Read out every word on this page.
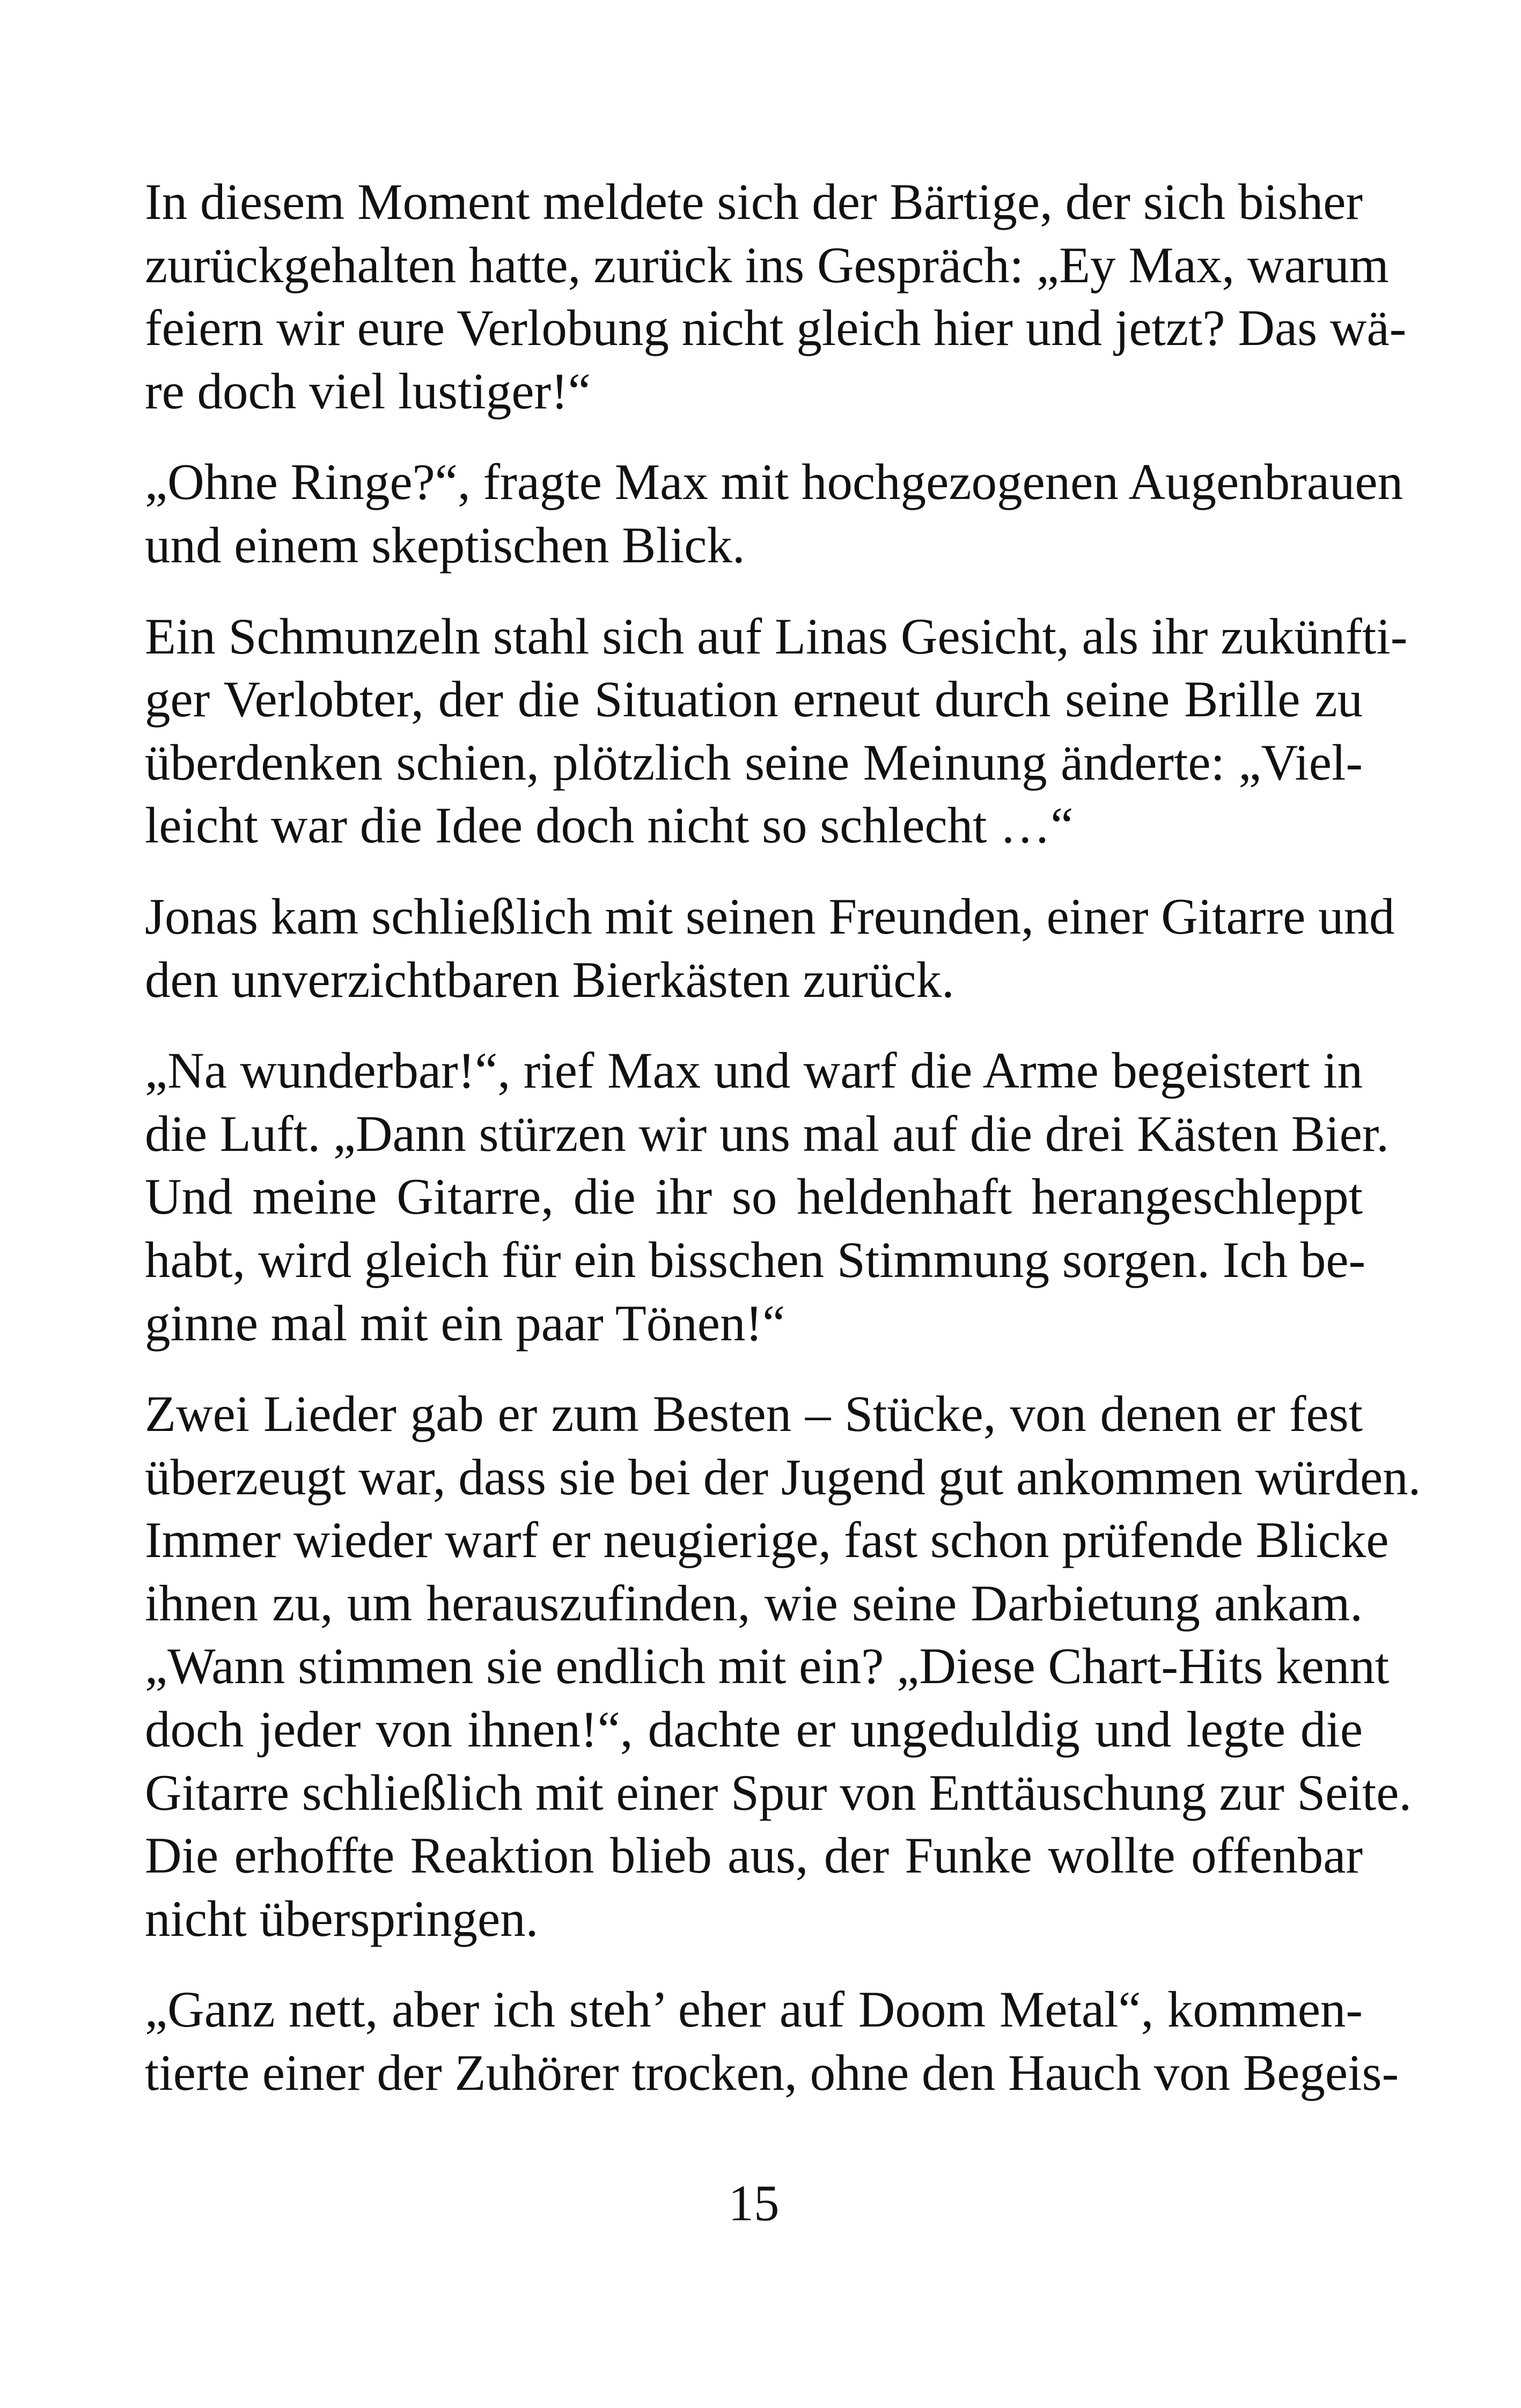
In diesem Moment meldete sich der Bärtige, der sich bisher
zurückgehalten hatte, zurück ins Gespräch: „Ey Max, warum
feiern wir eure Verlobung nicht gleich hier und jetzt? Das wä-
re doch viel lustiger!“

„Ohne Ringe?“, fragte Max mit hochgezogenen Augenbrauen
und einem skeptischen Blick.

Ein Schmunzeln stahl sich auf Linas Gesicht, als ihr zukünfti-
ger Verlobter, der die Situation erneut durch seine Brille zu
überdenken schien, plötzlich seine Meinung änderte: „Viel-
leicht war die Idee doch nicht so schlecht …“

Jonas kam schließlich mit seinen Freunden, einer Gitarre und
den unverzichtbaren Bierkästen zurück.

„Na wunderbar!“, rief Max und warf die Arme begeistert in
die Luft. „Dann stürzen wir uns mal auf die drei Kästen Bier.
Und meine Gitarre, die ihr so heldenhaft herangeschleppt
habt, wird gleich für ein bisschen Stimmung sorgen. Ich be-
ginne mal mit ein paar Tönen!“

Zwei Lieder gab er zum Besten – Stücke, von denen er fest
überzeugt war, dass sie bei der Jugend gut ankommen würden.
Immer wieder warf er neugierige, fast schon prüfende Blicke
ihnen zu, um herauszufinden, wie seine Darbietung ankam.
„Wann stimmen sie endlich mit ein? „Diese Chart-Hits kennt
doch jeder von ihnen!“, dachte er ungeduldig und legte die
Gitarre schließlich mit einer Spur von Enttäuschung zur Seite.
Die erhoffte Reaktion blieb aus, der Funke wollte offenbar
nicht überspringen.

„Ganz nett, aber ich steh’ eher auf Doom Metal“, kommen-
tierte einer der Zuhörer trocken, ohne den Hauch von Begeis-

15
